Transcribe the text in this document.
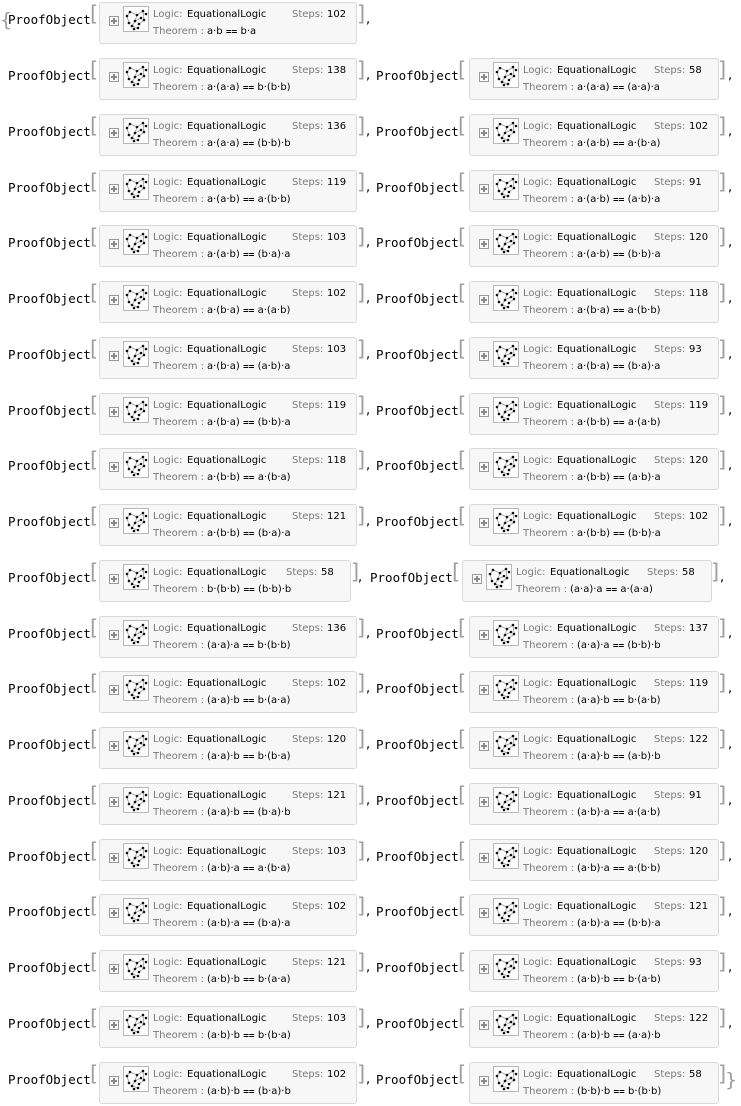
{
ProofObject [	Logic: EquationalLogic	Steps: 102
Theorem : a·b ⩵ b·a
] ,
ProofObject [	Logic: EquationalLogic	Steps: 138
Theorem : a·(a·a) ⩵ b·(b·b)
] , ProofObject [	Logic: EquationalLogic Steps: 58
Theorem : a·(a·a) ⩵ (a·a)·a
] ,
ProofObject [	Logic: EquationalLogic	Steps: 136
Theorem : a·(a·a) ⩵ (b·b)·b
] , ProofObject [	Logic: EquationalLogic Steps: 102
Theorem : a·(a·b) ⩵ a·(b·a)
] ,
ProofObject [	Logic: EquationalLogic	Steps: 119
Theorem : a·(a·b) ⩵ a·(b·b)
] , ProofObject [	Logic: EquationalLogic Steps: 91
Theorem : a·(a·b) ⩵ (a·b)·a
] ,
ProofObject [	Logic: EquationalLogic	Steps: 103
Theorem : a·(a·b) ⩵ (b·a)·a
] , ProofObject [	Logic: EquationalLogic Steps: 120
Theorem : a·(a·b) ⩵ (b·b)·a
] ,
ProofObject [	Logic: EquationalLogic	Steps: 102
Theorem : a·(b·a) ⩵ a·(a·b)
] , ProofObject [	Logic: EquationalLogic Steps: 118
Theorem : a·(b·a) ⩵ a·(b·b)
] ,
ProofObject [	Logic: EquationalLogic	Steps: 103
Theorem : a·(b·a) ⩵ (a·b)·a
] , ProofObject [	Logic: EquationalLogic Steps: 93
Theorem : a·(b·a) ⩵ (b·a)·a
] ,
ProofObject [	Logic: EquationalLogic	Steps: 119
Theorem : a·(b·a) ⩵ (b·b)·a
] , ProofObject [	Logic: EquationalLogic Steps: 119
Theorem : a·(b·b) ⩵ a·(a·b)
] ,
ProofObject [	Logic: EquationalLogic	Steps: 118
Theorem : a·(b·b) ⩵ a·(b·a)
] , ProofObject [	Logic: EquationalLogic Steps: 120
Theorem : a·(b·b) ⩵ (a·b)·a
] ,
ProofObject [	Logic: EquationalLogic	Steps: 121
Theorem : a·(b·b) ⩵ (b·a)·a
] , ProofObject [	Logic: EquationalLogic Steps: 102
Theorem : a·(b·b) ⩵ (b·b)·a
] ,
ProofObject [	Logic: EquationalLogic Steps: 58
Theorem : b·(b·b) ⩵ (b·b)·b
]
, ProofObject [	Logic: EquationalLogic Steps: 58
Theorem : (a·a)·a ⩵ a·(a·a)
] ,
ProofObject [	Logic: EquationalLogic	Steps: 136
Theorem : (a·a)·a ⩵ b·(b·b)
] , ProofObject [	Logic: EquationalLogic Steps: 137
Theorem : (a·a)·a ⩵ (b·b)·b
] ,
ProofObject [	Logic: EquationalLogic	Steps: 102
Theorem : (a·a)·b ⩵ b·(a·a)
] , ProofObject [	Logic: EquationalLogic Steps: 119
Theorem : (a·a)·b ⩵ b·(a·b)
] ,
ProofObject [	Logic: EquationalLogic	Steps: 120
Theorem : (a·a)·b ⩵ b·(b·a)
] , ProofObject [	Logic: EquationalLogic Steps: 122
Theorem : (a·a)·b ⩵ (a·b)·b
] ,
ProofObject [	Logic: EquationalLogic	Steps: 121
Theorem : (a·a)·b ⩵ (b·a)·b
] , ProofObject [	Logic: EquationalLogic Steps: 91
Theorem : (a·b)·a ⩵ a·(a·b)
] ,
ProofObject [	Logic: EquationalLogic	Steps: 103
Theorem : (a·b)·a ⩵ a·(b·a)
] , ProofObject [	Logic: EquationalLogic Steps: 120
Theorem : (a·b)·a ⩵ a·(b·b)
] ,
ProofObject [	Logic: EquationalLogic	Steps: 102
Theorem : (a·b)·a ⩵ (b·a)·a
] , ProofObject [	Logic: EquationalLogic Steps: 121
Theorem : (a·b)·a ⩵ (b·b)·a
] ,
ProofObject [	Logic: EquationalLogic	Steps: 121
Theorem : (a·b)·b ⩵ b·(a·a)
] , ProofObject [	Logic: EquationalLogic Steps: 93
Theorem : (a·b)·b ⩵ b·(a·b)
] ,
ProofObject [	Logic: EquationalLogic	Steps: 103
Theorem : (a·b)·b ⩵ b·(b·a)
] , ProofObject [	Logic: EquationalLogic Steps: 122
Theorem : (a·b)·b ⩵ (a·a)·b
] ,
ProofObject [	Logic: EquationalLogic	Steps: 102
Theorem : (a·b)·b ⩵ (b·a)·b
] , ProofObject [	Logic: EquationalLogic Steps: 58
Theorem : (b·b)·b ⩵ b·(b·b)
]
}
